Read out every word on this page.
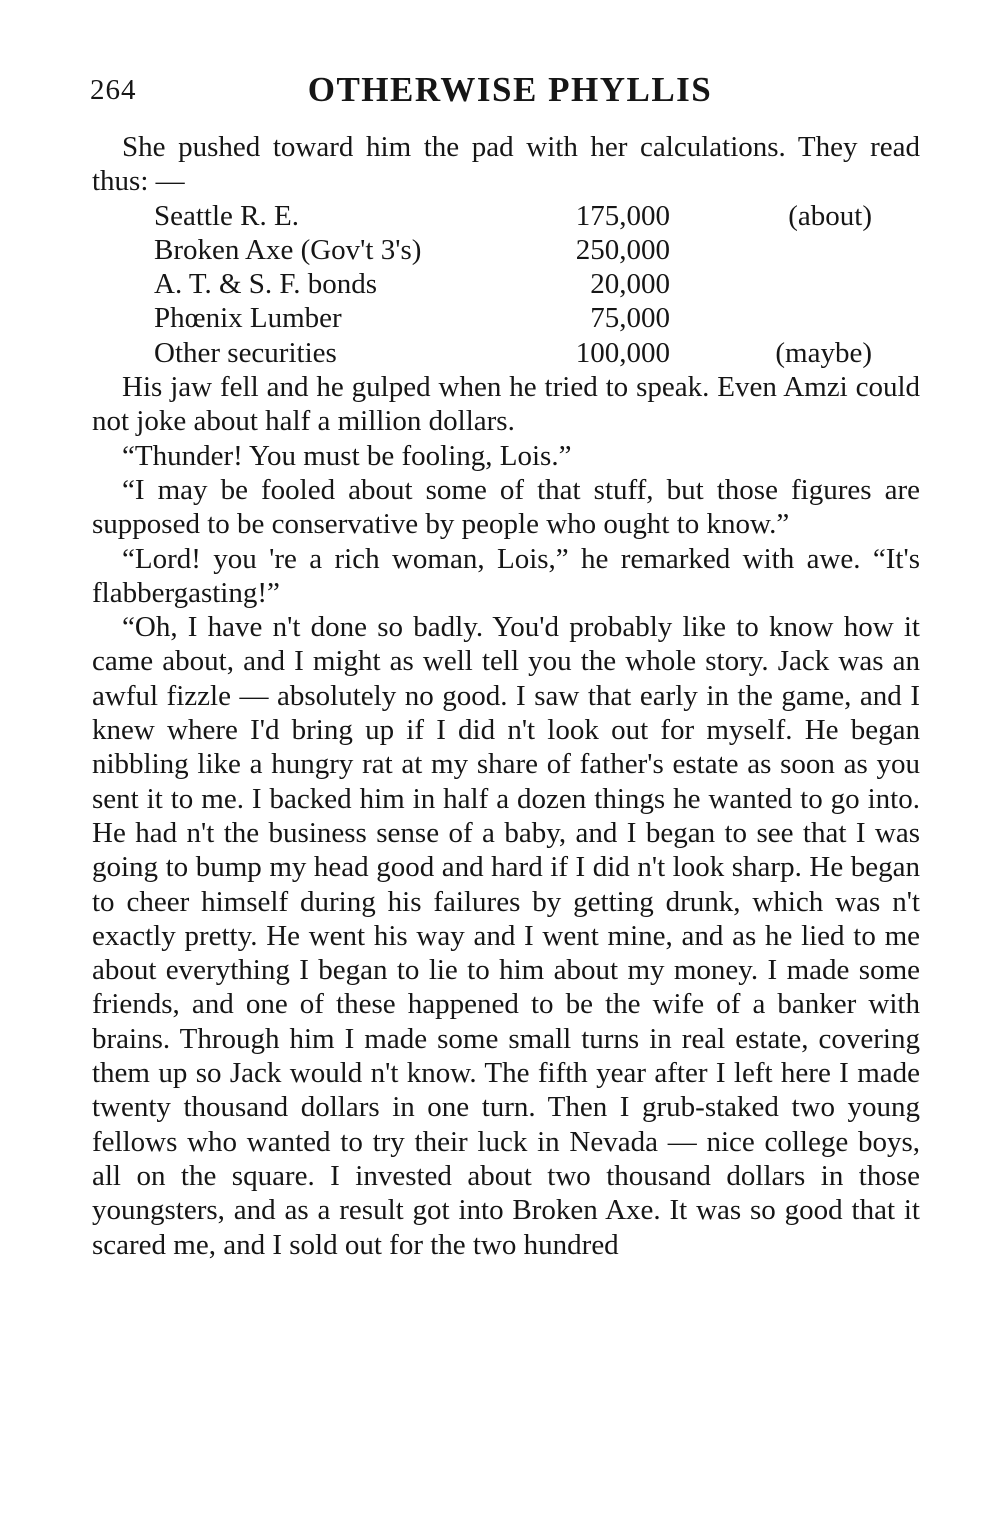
264	OTHERWISE PHYLLIS

She pushed toward him the pad with her calculations. They read thus: —

Seattle R. E.	175,000	(about)
Broken Axe (Gov't 3's)	250,000
A. T. & S. F. bonds	20,000
Phœnix Lumber	75,000
Other securities	100,000	(maybe)

His jaw fell and he gulped when he tried to speak. Even Amzi could not joke about half a million dollars.

“Thunder! You must be fooling, Lois.”

“I may be fooled about some of that stuff, but those figures are supposed to be conservative by people who ought to know.”

“Lord! you 're a rich woman, Lois,” he remarked with awe. “It's flabbergasting!”

“Oh, I have n't done so badly. You'd probably like to know how it came about, and I might as well tell you the whole story. Jack was an awful fizzle — absolutely no good. I saw that early in the game, and I knew where I'd bring up if I did n't look out for myself. He began nibbling like a hungry rat at my share of father's estate as soon as you sent it to me. I backed him in half a dozen things he wanted to go into. He had n't the business sense of a baby, and I began to see that I was going to bump my head good and hard if I did n't look sharp. He began to cheer himself during his failures by getting drunk, which was n't exactly pretty. He went his way and I went mine, and as he lied to me about everything I began to lie to him about my money. I made some friends, and one of these happened to be the wife of a banker with brains. Through him I made some small turns in real estate, covering them up so Jack would n't know. The fifth year after I left here I made twenty thousand dollars in one turn. Then I grub-staked two young fellows who wanted to try their luck in Nevada — nice college boys, all on the square. I invested about two thousand dollars in those youngsters, and as a result got into Broken Axe. It was so good that it scared me, and I sold out for the two hundred
